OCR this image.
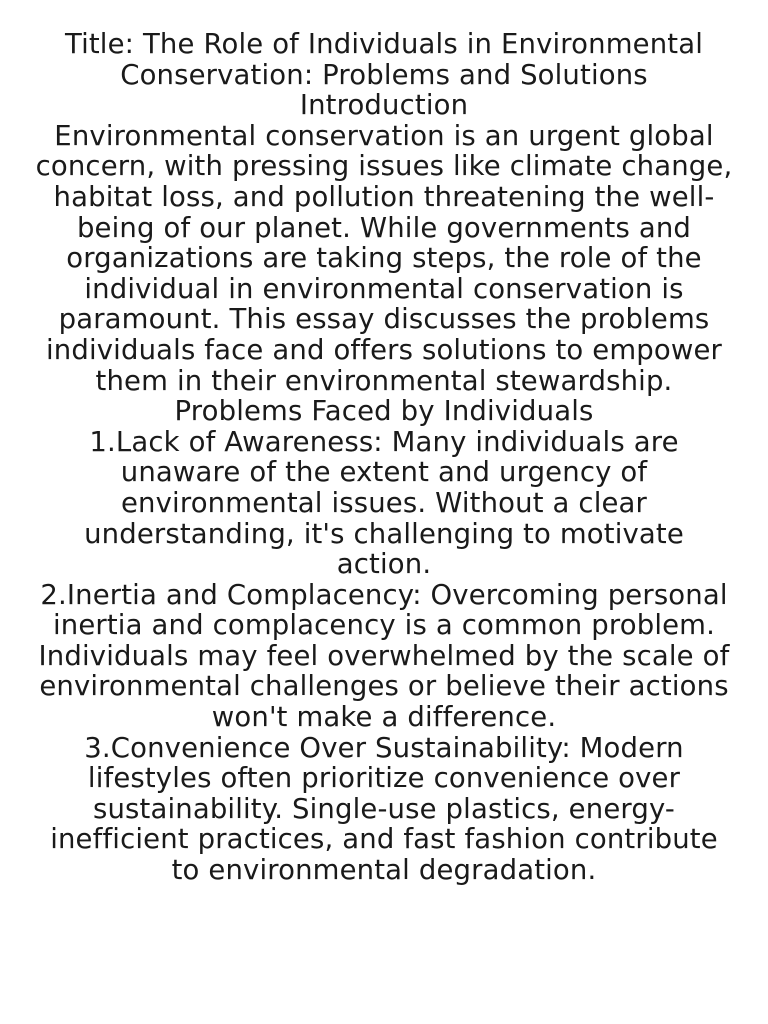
Title: The Role of Individuals in Environmental Conservation: Problems and Solutions

Introduction

Environmental conservation is an urgent global concern, with pressing issues like climate change, habitat loss, and pollution threatening the well-being of our planet. While governments and organizations are taking steps, the role of the individual in environmental conservation is paramount. This essay discusses the problems individuals face and offers solutions to empower them in their environmental stewardship.

Problems Faced by Individuals

1.Lack of Awareness: Many individuals are unaware of the extent and urgency of environmental issues. Without a clear understanding, it's challenging to motivate action.

2.Inertia and Complacency: Overcoming personal inertia and complacency is a common problem. Individuals may feel overwhelmed by the scale of environmental challenges or believe their actions won't make a difference.

3.Convenience Over Sustainability: Modern lifestyles often prioritize convenience over sustainability. Single-use plastics, energy-inefficient practices, and fast fashion contribute to environmental degradation.
